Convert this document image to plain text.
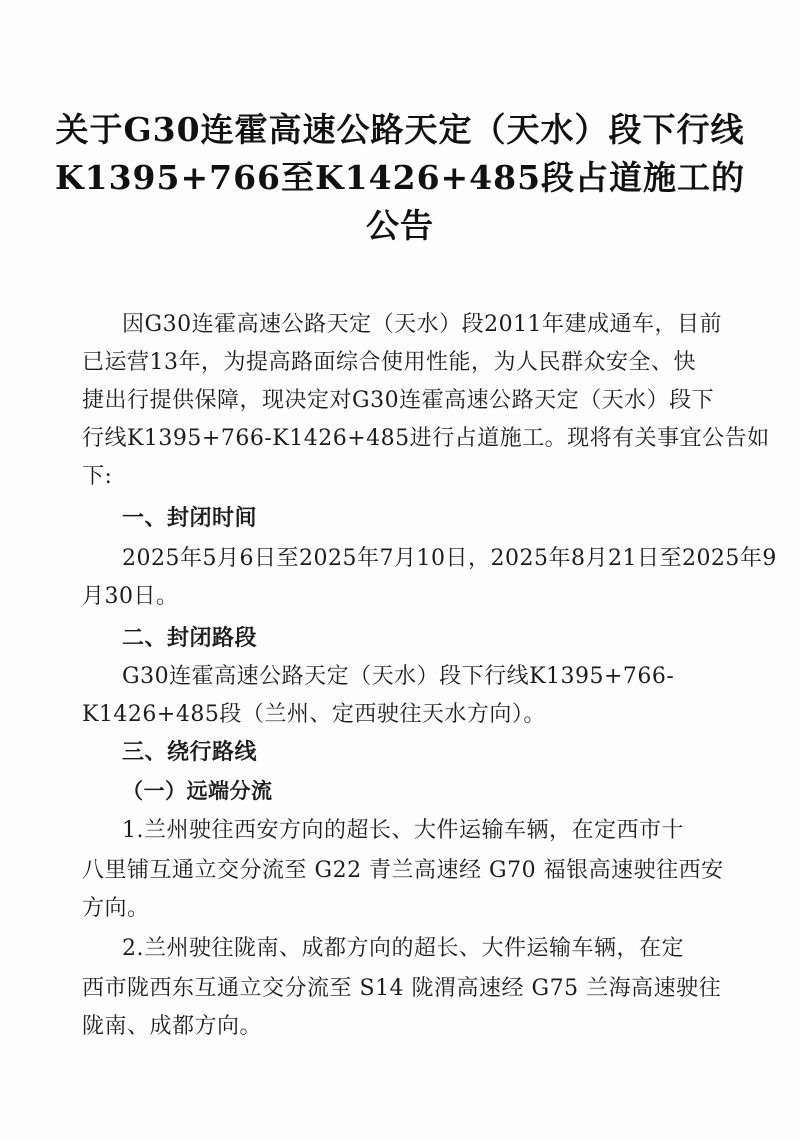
关于G30连霍高速公路天定（天水）段下行线
K1395+766至K1426+485段占道施工的
公告
因G30连霍高速公路天定（天水）段2011年建成通车，目前
已运营13年，为提高路面综合使用性能，为人民群众安全、快
捷出行提供保障，现决定对G30连霍高速公路天定（天水）段下
行线K1395+766-K1426+485进行占道施工。现将有关事宜公告如
下:
一、封闭时间
2025年5月6日至2025年7月10日，2025年8月21日至2025年9
月30日。
二、封闭路段
G30连霍高速公路天定（天水）段下行线K1395+766-
K1426+485段（兰州、定西驶往天水方向）。
三、绕行路线
（一）远端分流
1.兰州驶往西安方向的超长、大件运输车辆，在定西市十
八里铺互通立交分流至 G22 青兰高速经 G70 福银高速驶往西安
方向。
2.兰州驶往陇南、成都方向的超长、大件运输车辆，在定
西市陇西东互通立交分流至 S14 陇渭高速经 G75 兰海高速驶往
陇南、成都方向。
